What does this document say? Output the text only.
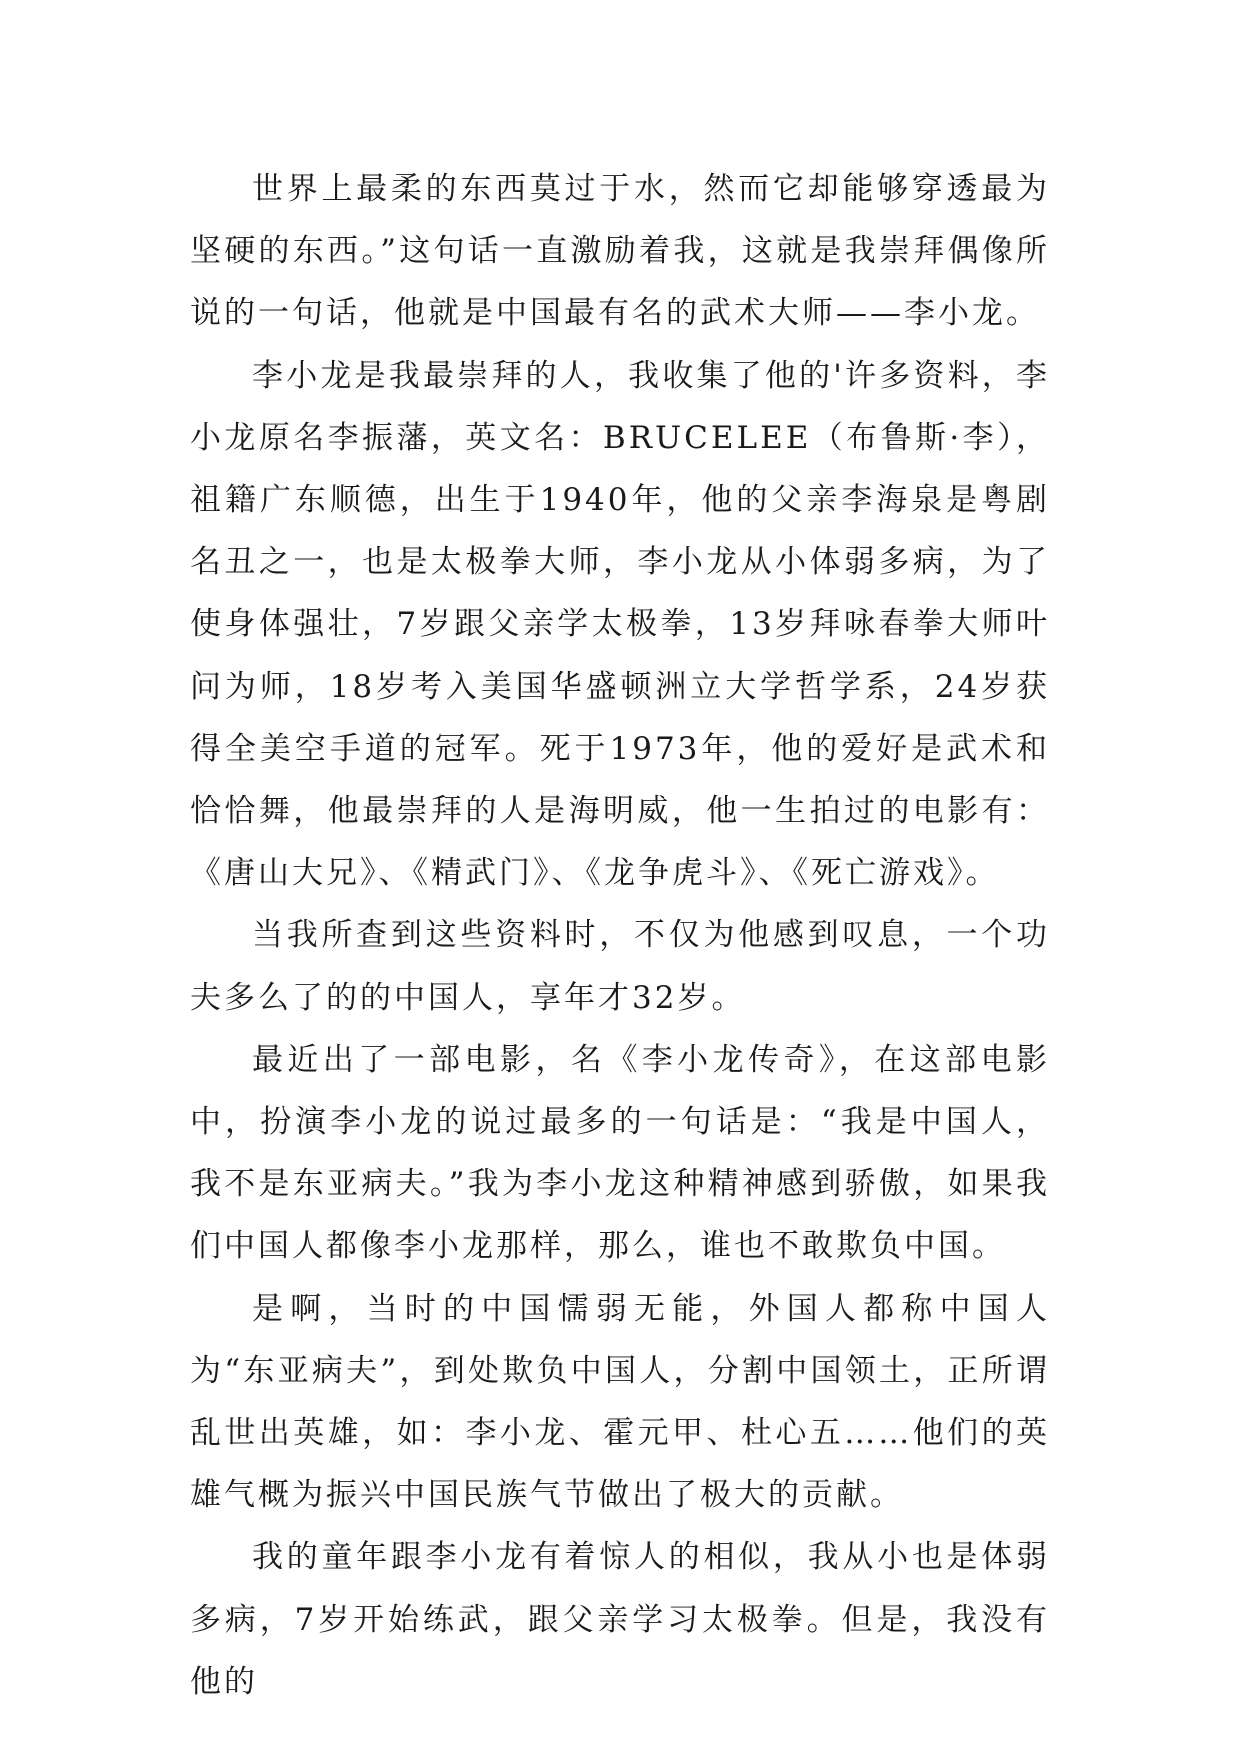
世界上最柔的东西莫过于水，然而它却能够穿透最为坚硬的东西。”这句话一直激励着我，这就是我崇拜偶像所说的一句话，他就是中国最有名的武术大师——李小龙。

李小龙是我最崇拜的人，我收集了他的'许多资料，李小龙原名李振藩，英文名：BRUCELEE（布鲁斯·李），祖籍广东顺德，出生于1940年，他的父亲李海泉是粤剧名丑之一，也是太极拳大师，李小龙从小体弱多病，为了使身体强壮，7岁跟父亲学太极拳，13岁拜咏春拳大师叶问为师，18岁考入美国华盛顿洲立大学哲学系，24岁获得全美空手道的冠军。死于1973年，他的爱好是武术和恰恰舞，他最崇拜的人是海明威，他一生拍过的电影有：《唐山大兄》、《精武门》、《龙争虎斗》、《死亡游戏》。

当我所查到这些资料时，不仅为他感到叹息，一个功夫多么了的的中国人，享年才32岁。

最近出了一部电影，名《李小龙传奇》，在这部电影中，扮演李小龙的说过最多的一句话是：“我是中国人，我不是东亚病夫。”我为李小龙这种精神感到骄傲，如果我们中国人都像李小龙那样，那么，谁也不敢欺负中国。

是啊，当时的中国懦弱无能，外国人都称中国人为“东亚病夫”，到处欺负中国人，分割中国领土，正所谓乱世出英雄，如：李小龙、霍元甲、杜心五……他们的英雄气概为振兴中国民族气节做出了极大的贡献。

我的童年跟李小龙有着惊人的相似，我从小也是体弱多病，7岁开始练武，跟父亲学习太极拳。但是，我没有他的
